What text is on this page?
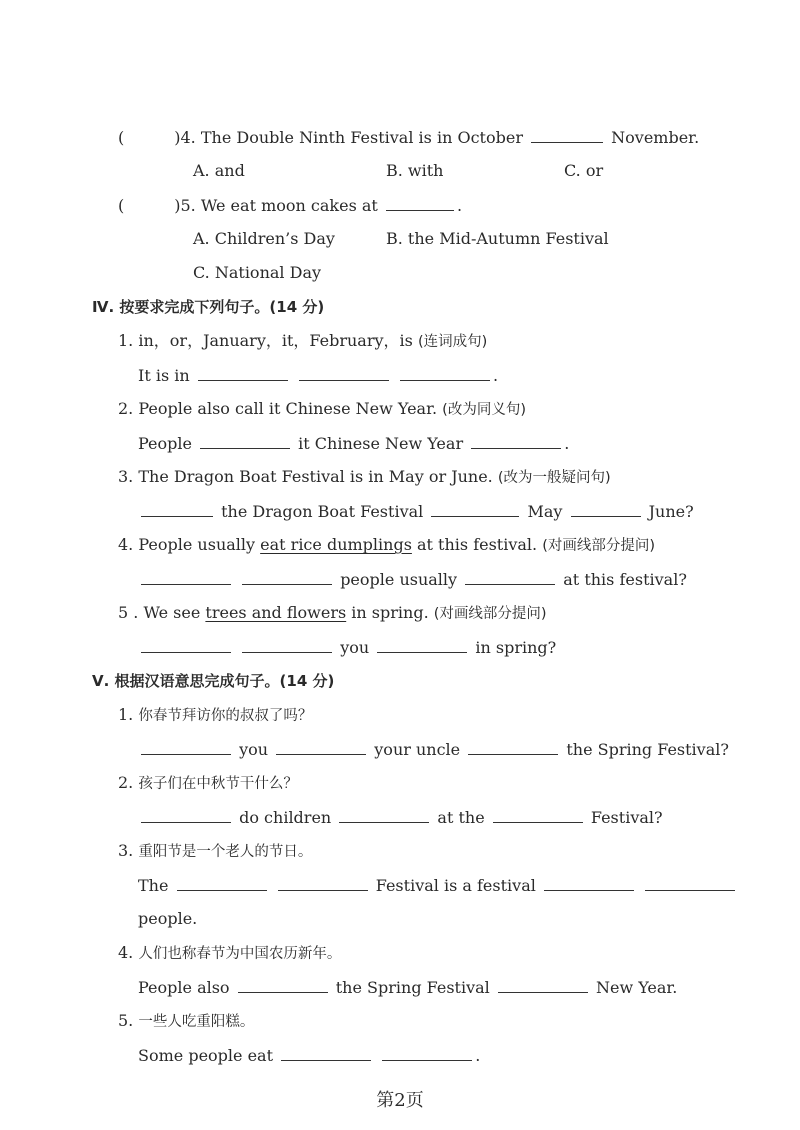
(	)4. The Double Ninth Festival is in October	November.
A. and	B. with	C. or
(	)5. We eat moon cakes at	.
A. Children’s Day	B. the Mid-Autumn Festival
C. National Day
Ⅳ. 按要求完成下列句子。(14 分)
1. in，or，January，it，February，is (连词成句)
It is in	.
2. People also call it Chinese New Year. (改为同义句)
People	it Chinese New Year	.
3. The Dragon Boat Festival is in May or June. (改为一般疑问句)
the Dragon Boat Festival	May	June?
4. People usually eat rice dumplings at this festival. (对画线部分提问)
people usually	at this festival?
5 . We see trees and flowers in spring. (对画线部分提问)
you	in spring?
Ⅴ. 根据汉语意思完成句子。(14 分)
1. 你春节拜访你的叔叔了吗？
you	your uncle	the Spring Festival?
2. 孩子们在中秋节干什么？
do children	at the	Festival?
3. 重阳节是一个老人的节日。
The	Festival is a festival
people.
4. 人们也称春节为中国农历新年。
People also	the Spring Festival	New Year.
5. 一些人吃重阳糕。
Some people eat	.
第2页
